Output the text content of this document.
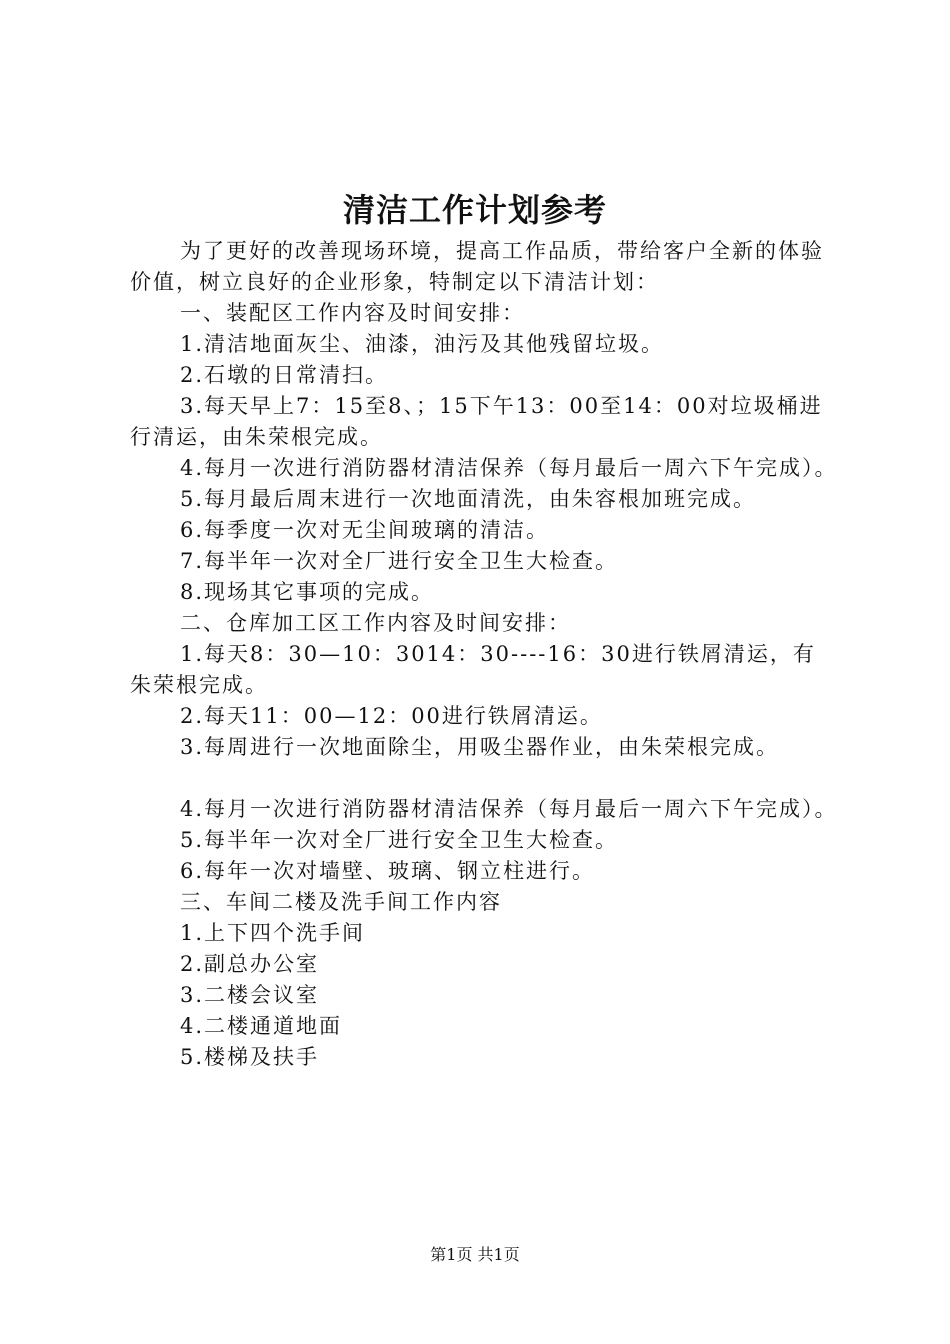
清洁工作计划参考

为了更好的改善现场环境，提高工作品质，带给客户全新的体验价值，树立良好的企业形象，特制定以下清洁计划：

一、装配区工作内容及时间安排：

1.清洁地面灰尘、油漆，油污及其他残留垃圾。

2.石墩的日常清扫。

3.每天早上7：15至8、；15下午13：00至14：00对垃圾桶进行清运，由朱荣根完成。

4.每月一次进行消防器材清洁保养（每月最后一周六下午完成）。

5.每月最后周末进行一次地面清洗，由朱容根加班完成。

6.每季度一次对无尘间玻璃的清洁。

7.每半年一次对全厂进行安全卫生大检查。

8.现场其它事项的完成。

二、仓库加工区工作内容及时间安排：

1.每天8：30—10：3014：30----16：30进行铁屑清运，有朱荣根完成。

2.每天11：00—12：00进行铁屑清运。

3.每周进行一次地面除尘，用吸尘器作业，由朱荣根完成。

4.每月一次进行消防器材清洁保养（每月最后一周六下午完成）。

5.每半年一次对全厂进行安全卫生大检查。

6.每年一次对墙壁、玻璃、钢立柱进行。

三、车间二楼及洗手间工作内容

1.上下四个洗手间

2.副总办公室

3.二楼会议室

4.二楼通道地面

5.楼梯及扶手

第1页 共1页
